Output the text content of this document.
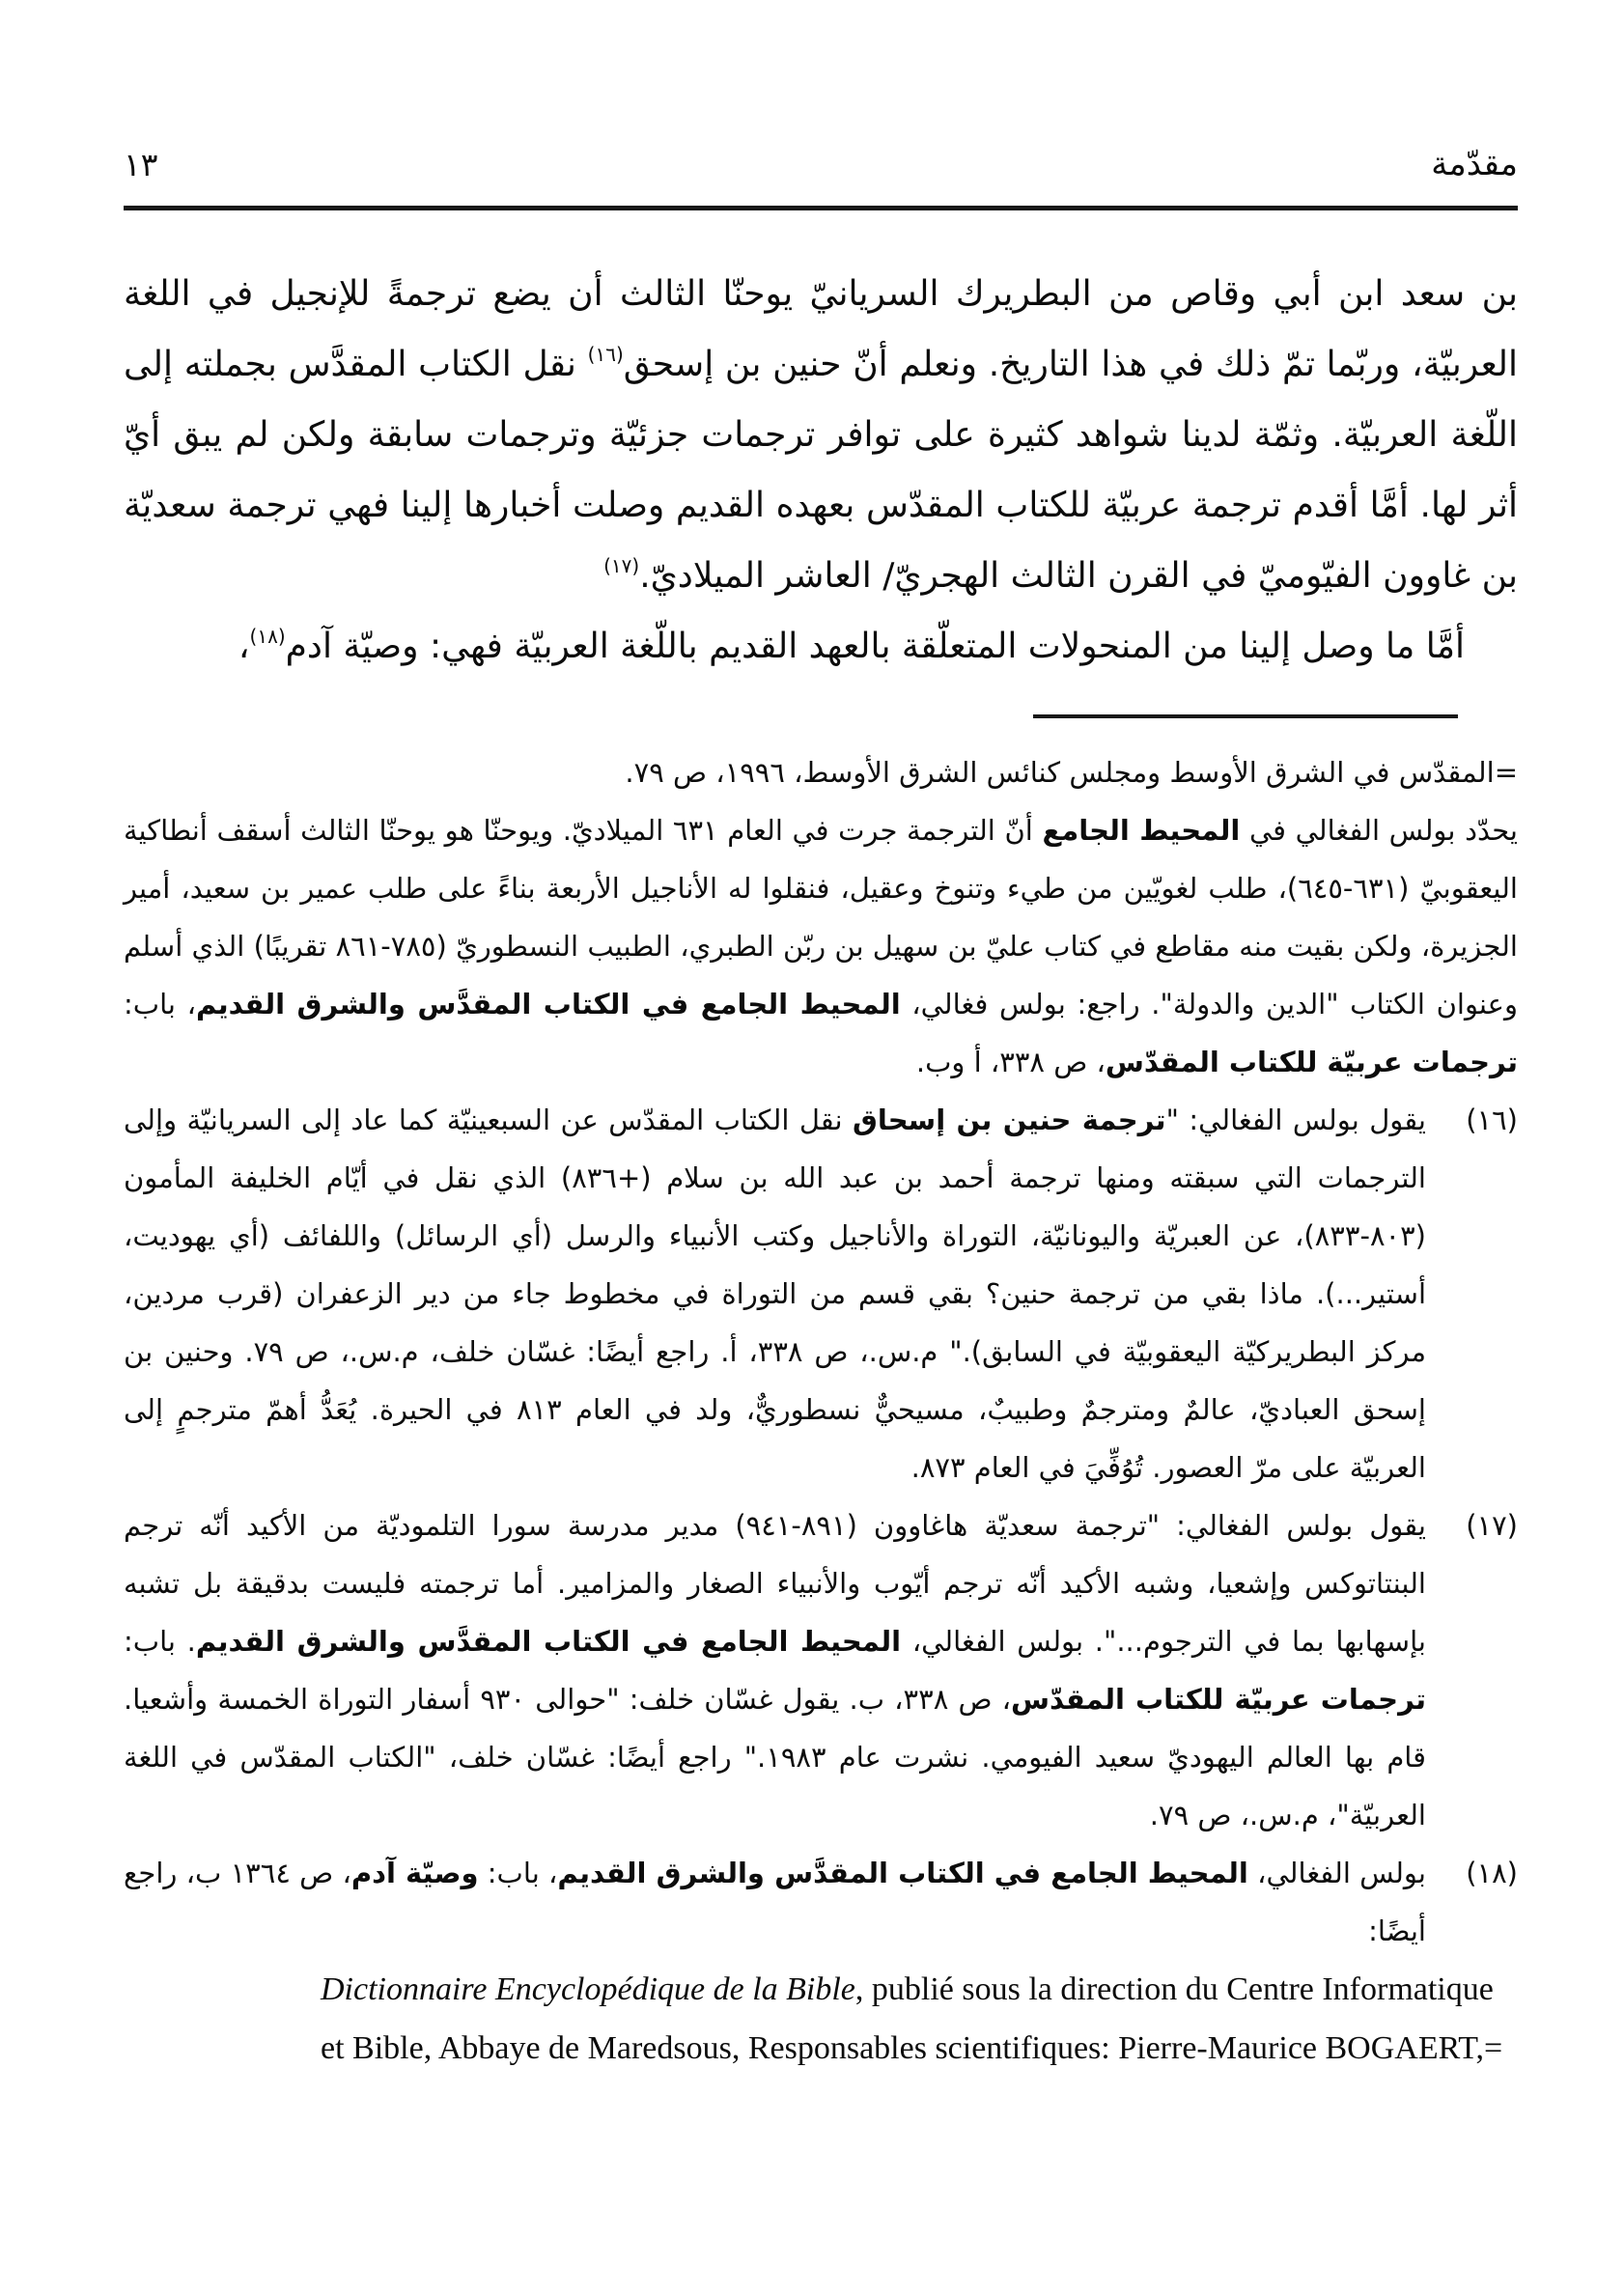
مقدّمة
١٣

بن سعد ابن أبي وقاص من البطريرك السريانيّ يوحنّا الثالث أن يضع ترجمةً للإنجيل في اللغة العربيّة، وربّما تمّ ذلك في هذا التاريخ. ونعلم أنّ حنين بن إسحق$^{(١٦)}$ نقل الكتاب المقدَّس بجملته إلى اللّغة العربيّة. وثمّة لدينا شواهد كثيرة على توافر ترجمات جزئيّة وترجمات سابقة ولكن لم يبق أيّ أثر لها. أمَّا أقدم ترجمة عربيّة للكتاب المقدّس بعهده القديم وصلت أخبارها إلينا فهي ترجمة سعديّة بن غاوون الفيّوميّ في القرن الثالث الهجريّ/ العاشر الميلاديّ.$^{(١٧)}$

أمَّا ما وصل إلينا من المنحولات المتعلّقة بالعهد القديم باللّغة العربيّة فهي: وصيّة آدم$^{(١٨)}$،

=المقدّس في الشرق الأوسط ومجلس كنائس الشرق الأوسط، ١٩٩٦، ص ٧٩.

يحدّد بولس الفغالي في المحيط الجامع أنّ الترجمة جرت في العام ٦٣١ الميلاديّ. ويوحنّا هو يوحنّا الثالث أسقف أنطاكية اليعقوبيّ (٦٣١-٦٤٥)، طلب لغويّين من طيء وتنوخ وعقيل، فنقلوا له الأناجيل الأربعة بناءً على طلب عمير بن سعيد، أمير الجزيرة، ولكن بقيت منه مقاطع في كتاب عليّ بن سهيل بن ربّن الطبري، الطبيب النسطوريّ (٧٨٥-٨٦١ تقريبًا) الذي أسلم وعنوان الكتاب "الدين والدولة". راجع: بولس فغالي، المحيط الجامع في الكتاب المقدَّس والشرق القديم، باب: ترجمات عربيّة للكتاب المقدّس، ص ٣٣٨، أ وب.

(١٦)
يقول بولس الفغالي: "ترجمة حنين بن إسحاق نقل الكتاب المقدّس عن السبعينيّة كما عاد إلى السريانيّة وإلى الترجمات التي سبقته ومنها ترجمة أحمد بن عبد الله بن سلام (+٨٣٦) الذي نقل في أيّام الخليفة المأمون (٨٠٣-٨٣٣)، عن العبريّة واليونانيّة، التوراة والأناجيل وكتب الأنبياء والرسل (أي الرسائل) واللفائف (أي يهوديت، أستير...). ماذا بقي من ترجمة حنين؟ بقي قسم من التوراة في مخطوط جاء من دير الزعفران (قرب مردين، مركز البطريركيّة اليعقوبيّة في السابق)." م.س.، ص ٣٣٨، أ. راجع أيضًا: غسّان خلف، م.س.، ص ٧٩. وحنين بن إسحق العباديّ، عالمٌ ومترجمٌ وطبيبٌ، مسيحيٌّ نسطوريٌّ، ولد في العام ٨١٣ في الحيرة. يُعَدُّ أهمّ مترجمٍ إلى العربيّة على مرّ العصور. تُوُفِّيَ في العام ٨٧٣.
(١٧)
يقول بولس الفغالي: "ترجمة سعديّة هاغاوون (٨٩١-٩٤١) مدير مدرسة سورا التلموديّة من الأكيد أنّه ترجم البنتاتوكس وإشعيا، وشبه الأكيد أنّه ترجم أيّوب والأنبياء الصغار والمزامير. أما ترجمته فليست بدقيقة بل تشبه بإسهابها بما في الترجوم...". بولس الفغالي، المحيط الجامع في الكتاب المقدَّس والشرق القديم. باب: ترجمات عربيّة للكتاب المقدّس، ص ٣٣٨، ب. يقول غسّان خلف: "حوالى ٩٣٠ أسفار التوراة الخمسة وأشعيا. قام بها العالم اليهوديّ سعيد الفيومي. نشرت عام ١٩٨٣." راجع أيضًا: غسّان خلف، "الكتاب المقدّس في اللغة العربيّة"، م.س.، ص ٧٩.
(١٨)
بولس الفغالي، المحيط الجامع في الكتاب المقدَّس والشرق القديم، باب: وصيّة آدم، ص ١٣٦٤ ب، راجع أيضًا:

Dictionnaire Encyclopédique de la Bible, publié sous la direction du Centre Informatique et Bible, Abbaye de Maredsous, Responsables scientifiques: Pierre-Maurice BOGAERT,=
